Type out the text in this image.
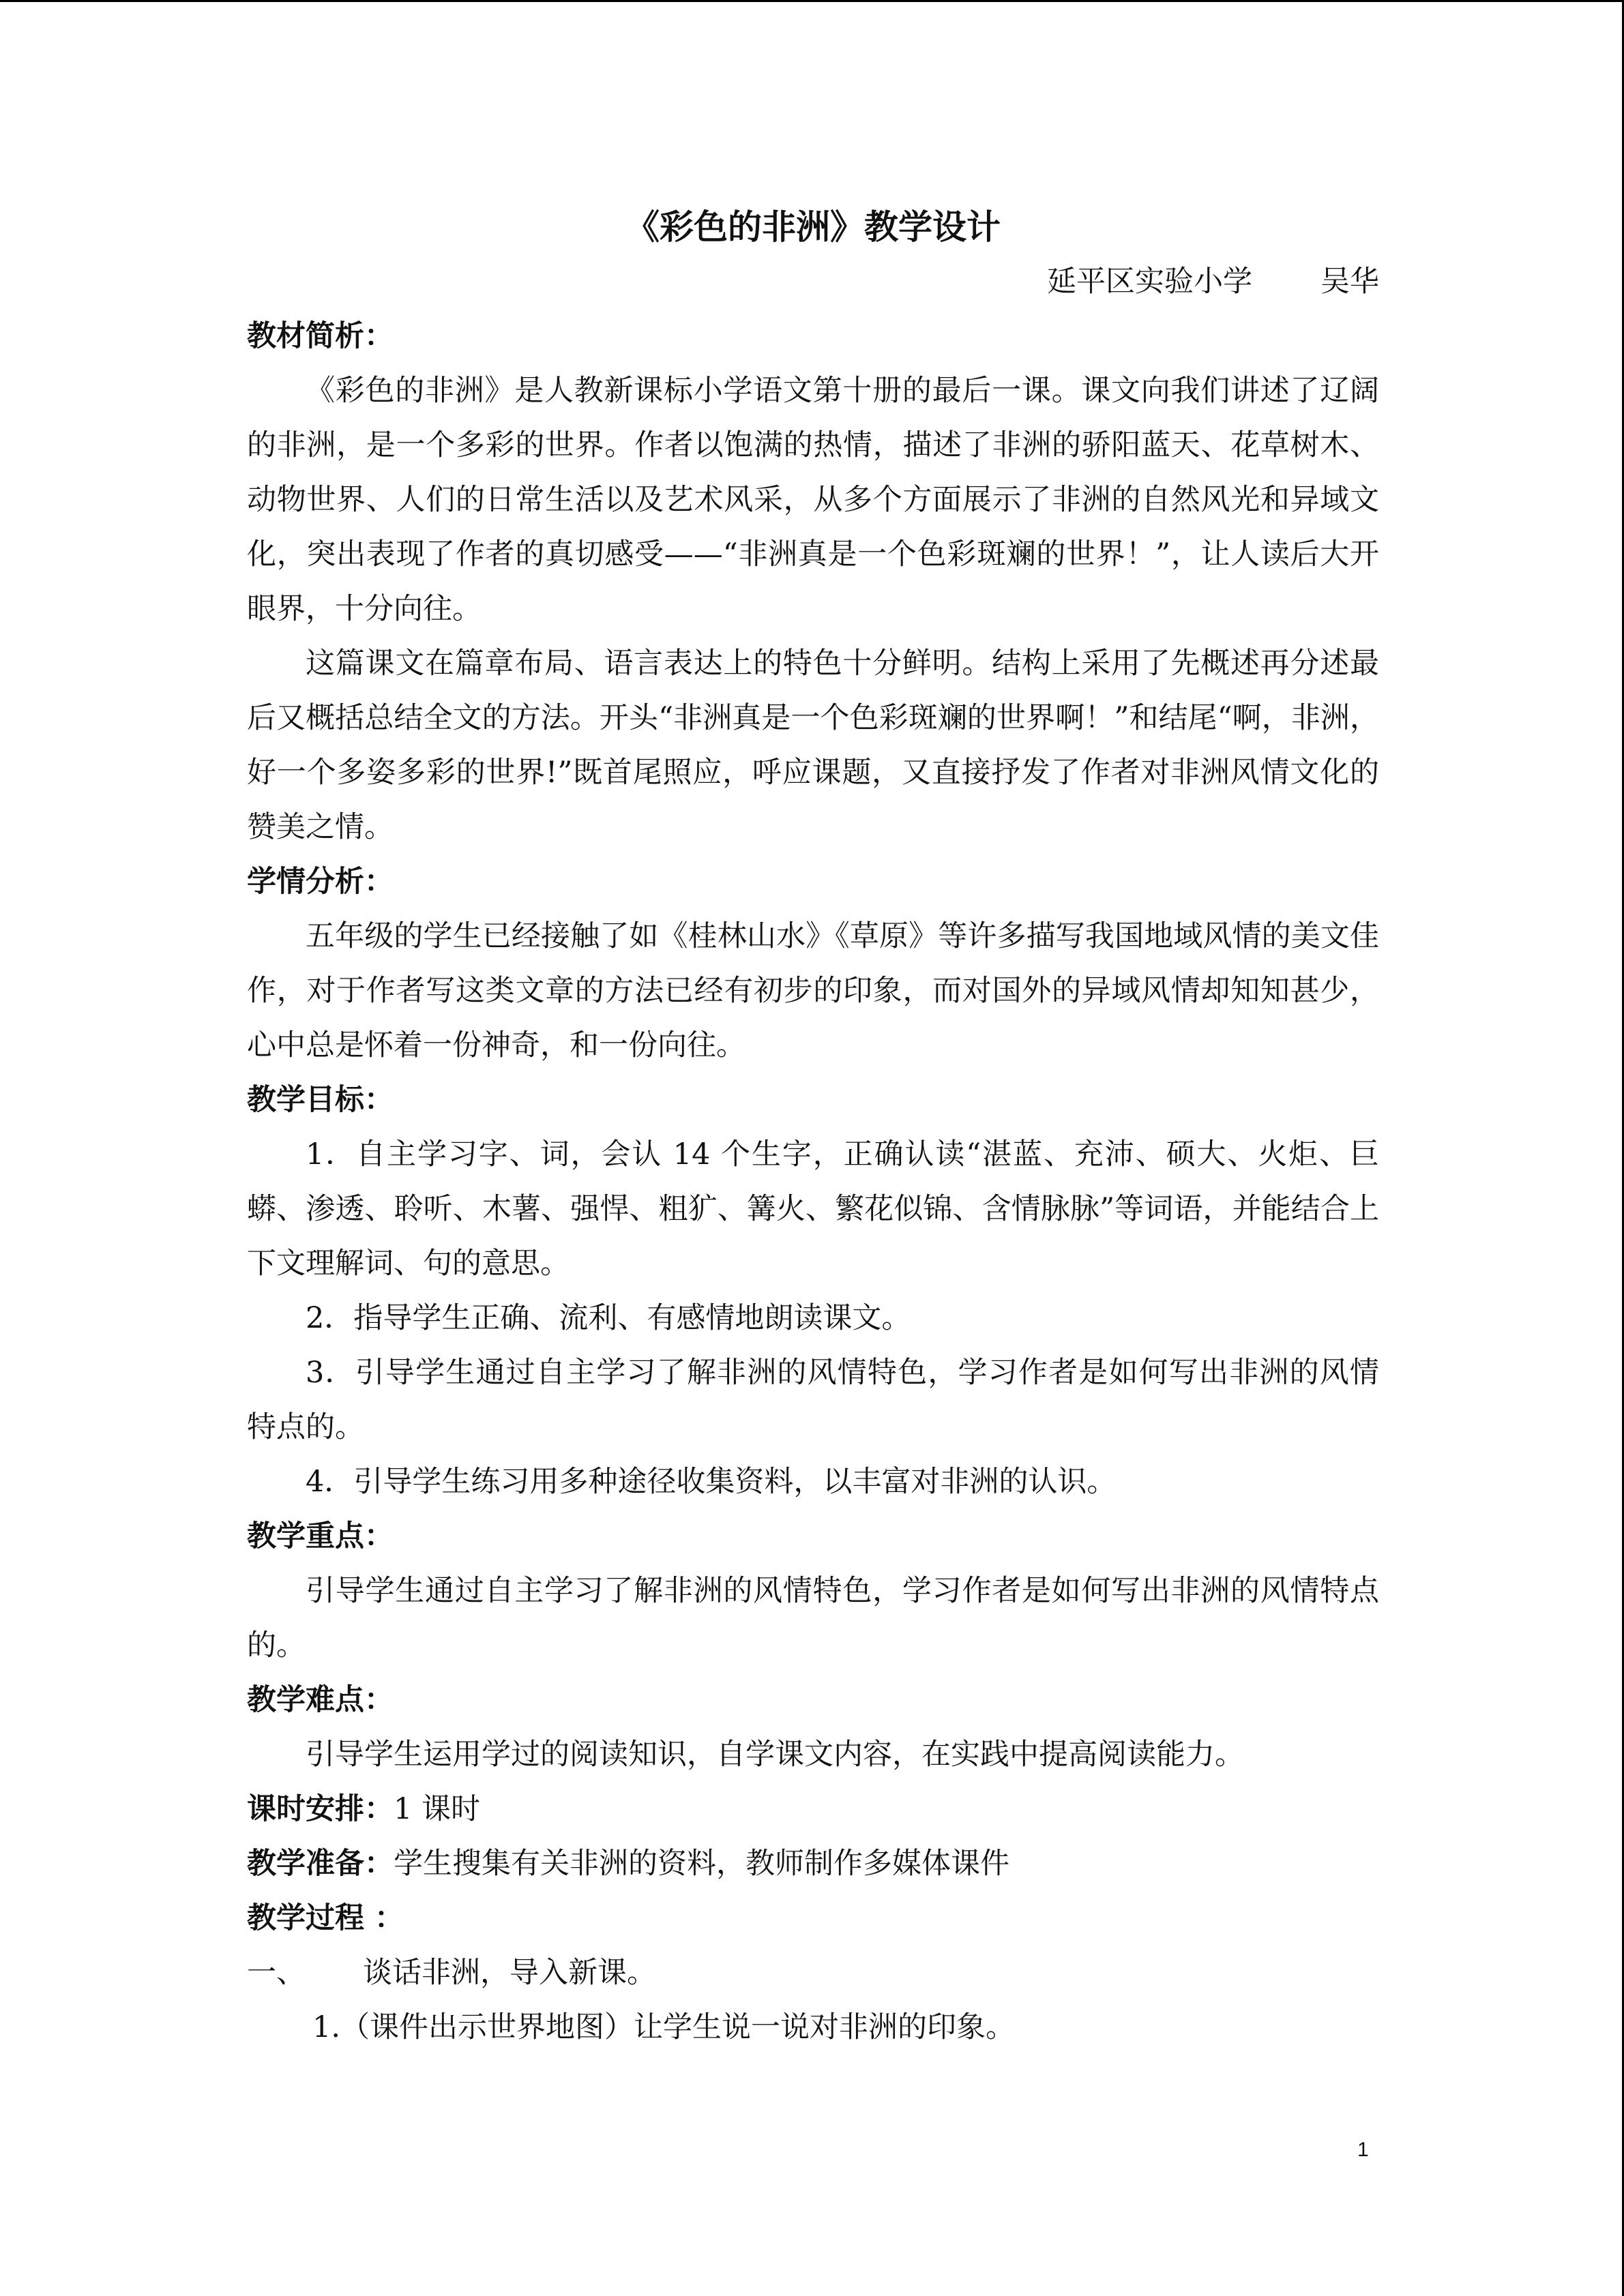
《彩色的非洲》教学设计

延平区实验小学 吴华

教材简析：

《彩色的非洲》是人教新课标小学语文第十册的最后一课。课文向我们讲述了辽阔的非洲，是一个多彩的世界。作者以饱满的热情，描述了非洲的骄阳蓝天、花草树木、动物世界、人们的日常生活以及艺术风采，从多个方面展示了非洲的自然风光和异域文化，突出表现了作者的真切感受——“非洲真是一个色彩斑斓的世界！”，让人读后大开眼界，十分向往。

这篇课文在篇章布局、语言表达上的特色十分鲜明。结构上采用了先概述再分述最后又概括总结全文的方法。开头“非洲真是一个色彩斑斓的世界啊！”和结尾“啊，非洲，好一个多姿多彩的世界!”既首尾照应，呼应课题，又直接抒发了作者对非洲风情文化的赞美之情。

学情分析：

五年级的学生已经接触了如《桂林山水》《草原》等许多描写我国地域风情的美文佳作，对于作者写这类文章的方法已经有初步的印象，而对国外的异域风情却知知甚少，心中总是怀着一份神奇，和一份向往。

教学目标：

1．自主学习字、词，会认 14 个生字，正确认读“湛蓝、充沛、硕大、火炬、巨蟒、渗透、聆听、木薯、强悍、粗犷、篝火、繁花似锦、含情脉脉”等词语，并能结合上下文理解词、句的意思。

2．指导学生正确、流利、有感情地朗读课文。

3．引导学生通过自主学习了解非洲的风情特色，学习作者是如何写出非洲的风情特点的。

4．引导学生练习用多种途径收集资料，以丰富对非洲的认识。

教学重点：

引导学生通过自主学习了解非洲的风情特色，学习作者是如何写出非洲的风情特点的。

教学难点：

引导学生运用学过的阅读知识，自学课文内容，在实践中提高阅读能力。

课时安排：1 课时

教学准备：学生搜集有关非洲的资料，教师制作多媒体课件

教学过程 ：

一、 谈话非洲，导入新课。

1.（课件出示世界地图）让学生说一说对非洲的印象。

1
